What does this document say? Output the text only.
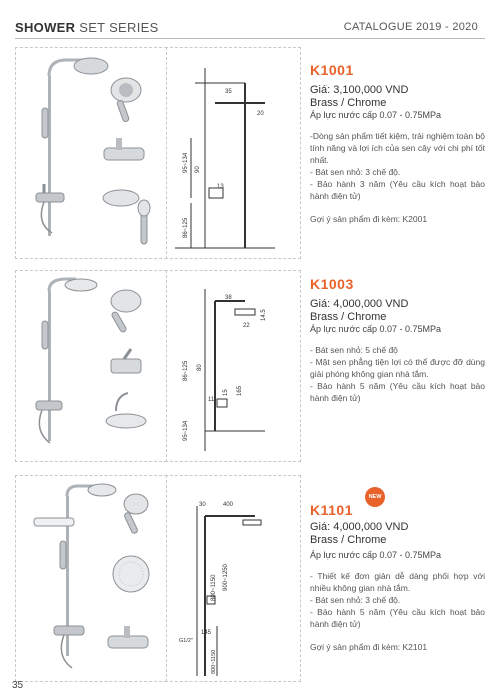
SHOWER SET SERIES	CATALOGUE 2019 - 2020
35
20
95~134 90
13
86~125
K1001
Giá: 3,100,000 VND
Brass / Chrome
Áp lực nước cấp 0.07 - 0.75MPa
-Dòng sản phẩm tiết kiệm, trải nghiệm toàn bộ tính năng và lợi ích của sen cây với chi phí tốt nhất.
- Bát sen nhỏ: 3 chế độ.
- Bảo hành 3 năm (Yêu cầu kích hoạt bảo hành điện tử)
Gợi ý sản phẩm đi kèm: K2001
38
14.5
22
86~125 80
15 165
95~134
11
K1003
Giá: 4,000,000 VND
Brass / Chrome
Áp lực nước cấp 0.07 - 0.75MPa
- Bát sen nhỏ: 5 chế độ
- Mặt sen phẳng tiện lợi có thể được đỡ dùng giải phóng không gian nhà tắm.
- Bảo hành 5 năm (Yêu cầu kích hoạt bảo hành điện tử)
30	400
800~1150 900~1250
G1/2"
145
800~1150
NEW
K1101
Giá: 4,000,000 VND
Brass / Chrome
Áp lực nước cấp 0.07 - 0.75MPa
- Thiết kế đơn giản dễ dàng phối hợp với nhiều không gian nhà tắm.
- Bát sen nhỏ: 3 chế độ.
- Bảo hành 5 năm (Yêu cầu kích hoạt bảo hành điện tử)
Gợi ý sản phẩm đi kèm: K2101
35
